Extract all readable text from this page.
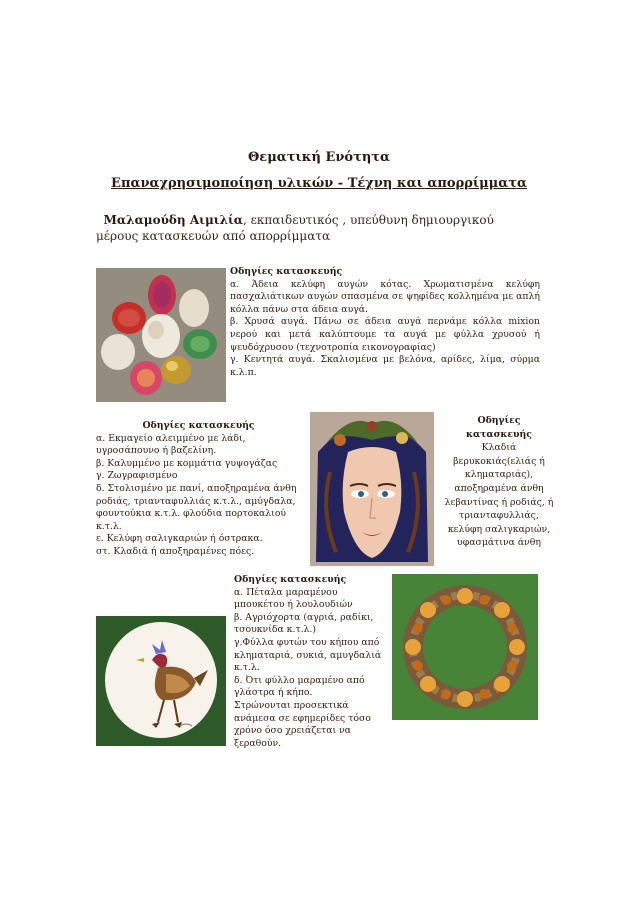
Θεματική Ενότητα
Επαναχρησιμοποίηση υλικών - Τέχνη και απορρίμματα
Μαλαμούδη Αιμιλία, εκπαιδευτικός , υπεύθυνη δημιουργικού μέρους κατασκευών από απορρίμματα
Οδηγίες κατασκευής
α. Άδεια κελύφη αυγών κότας. Χρωματισμένα κελύφη πασχαλιάτικων αυγών σπασμένα σε ψηφίδες κολλημένα με απλή κόλλα πάνω στα άδεια αυγά.
β. Χρυσά αυγά. Πάνω σε άδεια αυγά περνάμε κόλλα mixion νερού και μετά καλύπτουμε τα αυγά με φύλλα χρυσού ή ψευδόχρυσου (τεχνοτροπία εικονογραφίας)
γ. Κεντητά αυγά. Σκαλισμένα με βελόνα, αρίδες, λίμα, σύρμα κ.λ.π.
Οδηγίες κατασκευής
α. Εκμαγείο αλειμμένο με λάδι, υγροσάπουνο ή βαζελίνη.
β. Καλυμμένο με κομμάτια γυψογάζας
γ. Ζωγραφισμένο
δ. Στολισμένο με πανί, αποξηραμένα άνθη ροδιάς, τριανταφυλλιάς κ.τ.λ., αμύγδαλα, φουντούκια κ.τ.λ. φλούδια πορτοκαλιού κ.τ.λ.
ε. Κελύφη σαλιγκαριών ή όστρακα.
στ. Κλαδιά ή αποξηραμένες πόες.
Οδηγίες κατασκευής
Κλαδιά βερυκοκιάς(ελιάς ή κληματαριάς), αποξηραμένα άνθη λεβαντίνας ή ροδιάς, ή τριανταφυλλιάς, κελύφη σαλιγκαριών, υφασμάτινα άνθη
Οδηγίες κατασκευής
α. Πέταλα μαραμένου μπουκέτου ή λουλουδιών
β. Αγριόχορτα (αγριά, ραδίκι, τσουκνίδα κ.τ.λ.)
γ.Φύλλα φυτών του κήπου από κληματαριά, συκιά, αμυγδαλιά κ.τ.λ.
δ. Ότι φύλλο μαραμένο από γλάστρα ή κήπο.
Στρώνονται προσεκτικά ανάμεσα σε εφημερίδες τόσο χρόνο όσο χρειάζεται να ξεραθούν.
